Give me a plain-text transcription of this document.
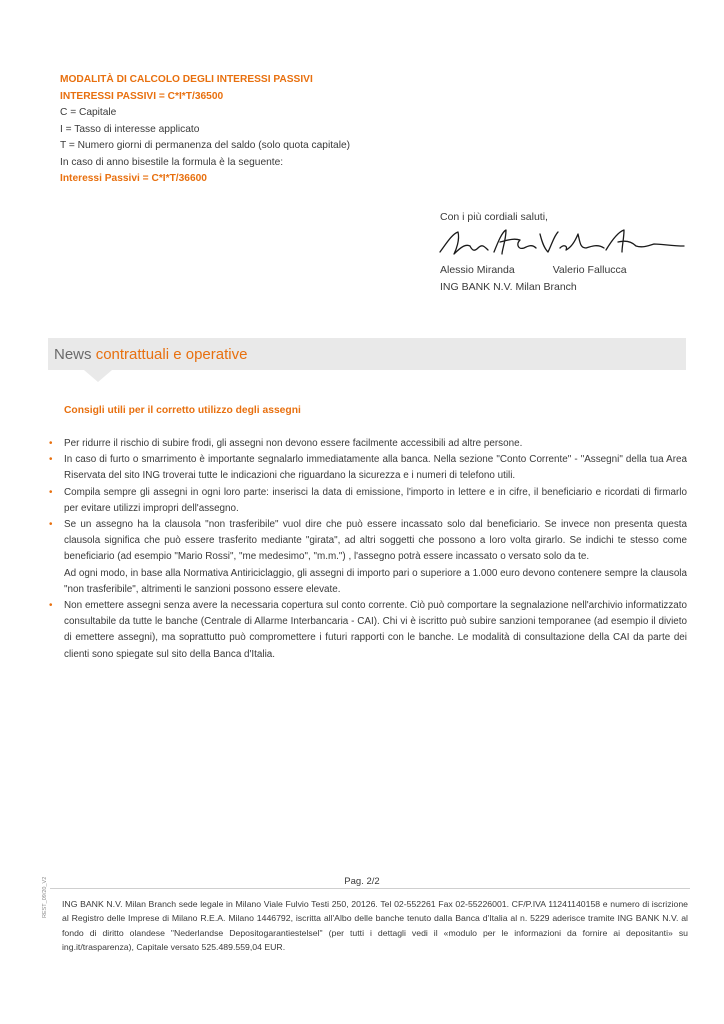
MODALITÀ DI CALCOLO DEGLI INTERESSI PASSIVI
INTERESSI PASSIVI = C*I*T/36500
C = Capitale
I = Tasso di interesse applicato
T = Numero giorni di permanenza del saldo (solo quota capitale)
In caso di anno bisestile la formula è la seguente:
Interessi Passivi = C*I*T/36600
Con i più cordiali saluti,
Alessio Miranda	Valerio Fallucca
ING BANK N.V. Milan Branch
News contrattuali e operative
Consigli utili per il corretto utilizzo degli assegni
• Per ridurre il rischio di subire frodi, gli assegni non devono essere facilmente accessibili ad altre persone.

• In caso di furto o smarrimento è importante segnalarlo immediatamente alla banca. Nella sezione "Conto Corrente" - "Assegni" della tua Area Riservata del sito ING troverai tutte le indicazioni che riguardano la sicurezza e i numeri di telefono utili.

• Compila sempre gli assegni in ogni loro parte: inserisci la data di emissione, l'importo in lettere e in cifre, il beneficiario e ricordati di firmarlo per evitare utilizzi impropri dell'assegno.

• Se un assegno ha la clausola "non trasferibile" vuol dire che può essere incassato solo dal beneficiario. Se invece non presenta questa clausola significa che può essere trasferito mediante "girata", ad altri soggetti che possono a loro volta girarlo. Se indichi te stesso come beneficiario (ad esempio "Mario Rossi", "me medesimo", "m.m.") , l'assegno potrà essere incassato o versato solo da te.

Ad ogni modo, in base alla Normativa Antiriciclaggio, gli assegni di importo pari o superiore a 1.000 euro devono contenere sempre la clausola "non trasferibile", altrimenti le sanzioni possono essere elevate.

• Non emettere assegni senza avere la necessaria copertura sul conto corrente. Ciò può comportare la segnalazione nell'archivio informatizzato consultabile da tutte le banche (Centrale di Allarme Interbancaria - CAI). Chi vi è iscritto può subire sanzioni temporanee (ad esempio il divieto di emettere assegni), ma soprattutto può compromettere i futuri rapporti con le banche. Le modalità di consultazione della CAI da parte dei clienti sono spiegate sul sito della Banca d'Italia.

Pag. 2/2
REST_09/20_V2 ING BANK N.V. Milan Branch sede legale in Milano Viale Fulvio Testi 250, 20126. Tel 02-552261 Fax 02-55226001. CF/P.IVA 11241140158 e numero di iscrizione al Registro delle Imprese di Milano R.E.A. Milano 1446792, iscritta all'Albo delle banche tenuto dalla Banca d'Italia al n. 5229 aderisce tramite ING BANK N.V. al fondo di diritto olandese "Nederlandse Depositogarantiestelsel" (per tutti i dettagli vedi il «modulo per le informazioni da fornire ai depositanti» su ing.it/trasparenza), Capitale versato 525.489.559,04 EUR.
